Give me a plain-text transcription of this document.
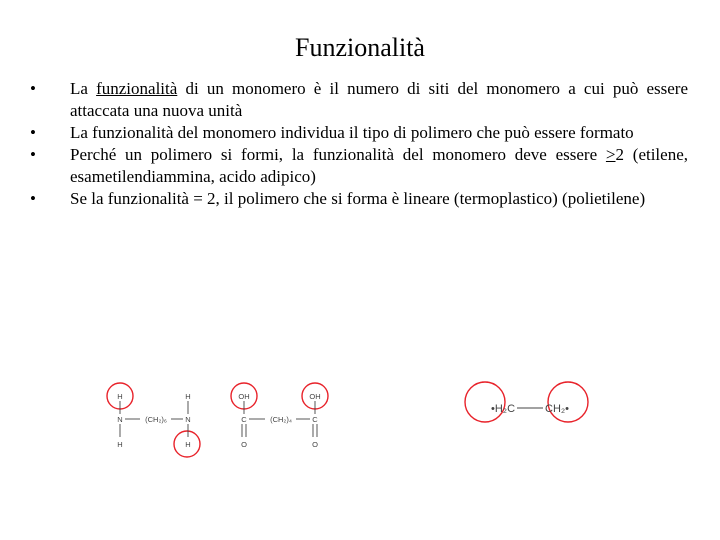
Funzionalità
• La funzionalità di un monomero è il numero di siti del monomero a cui può essere attaccata una nuova unità
• La funzionalità del monomero individua il tipo di polimero che può essere formato
• Perché un polimero si formi, la funzionalità del monomero deve essere >2 (etilene, esametilendiammina, acido adipico)
• Se la funzionalità = 2, il polimero che si forma è lineare (termoplastico) (polietilene)
H	H
N	N
H	H
(CH₂)₆
OH	OH
C	C
(CH₂)₄
O	O
•H₂C	CH₂•
